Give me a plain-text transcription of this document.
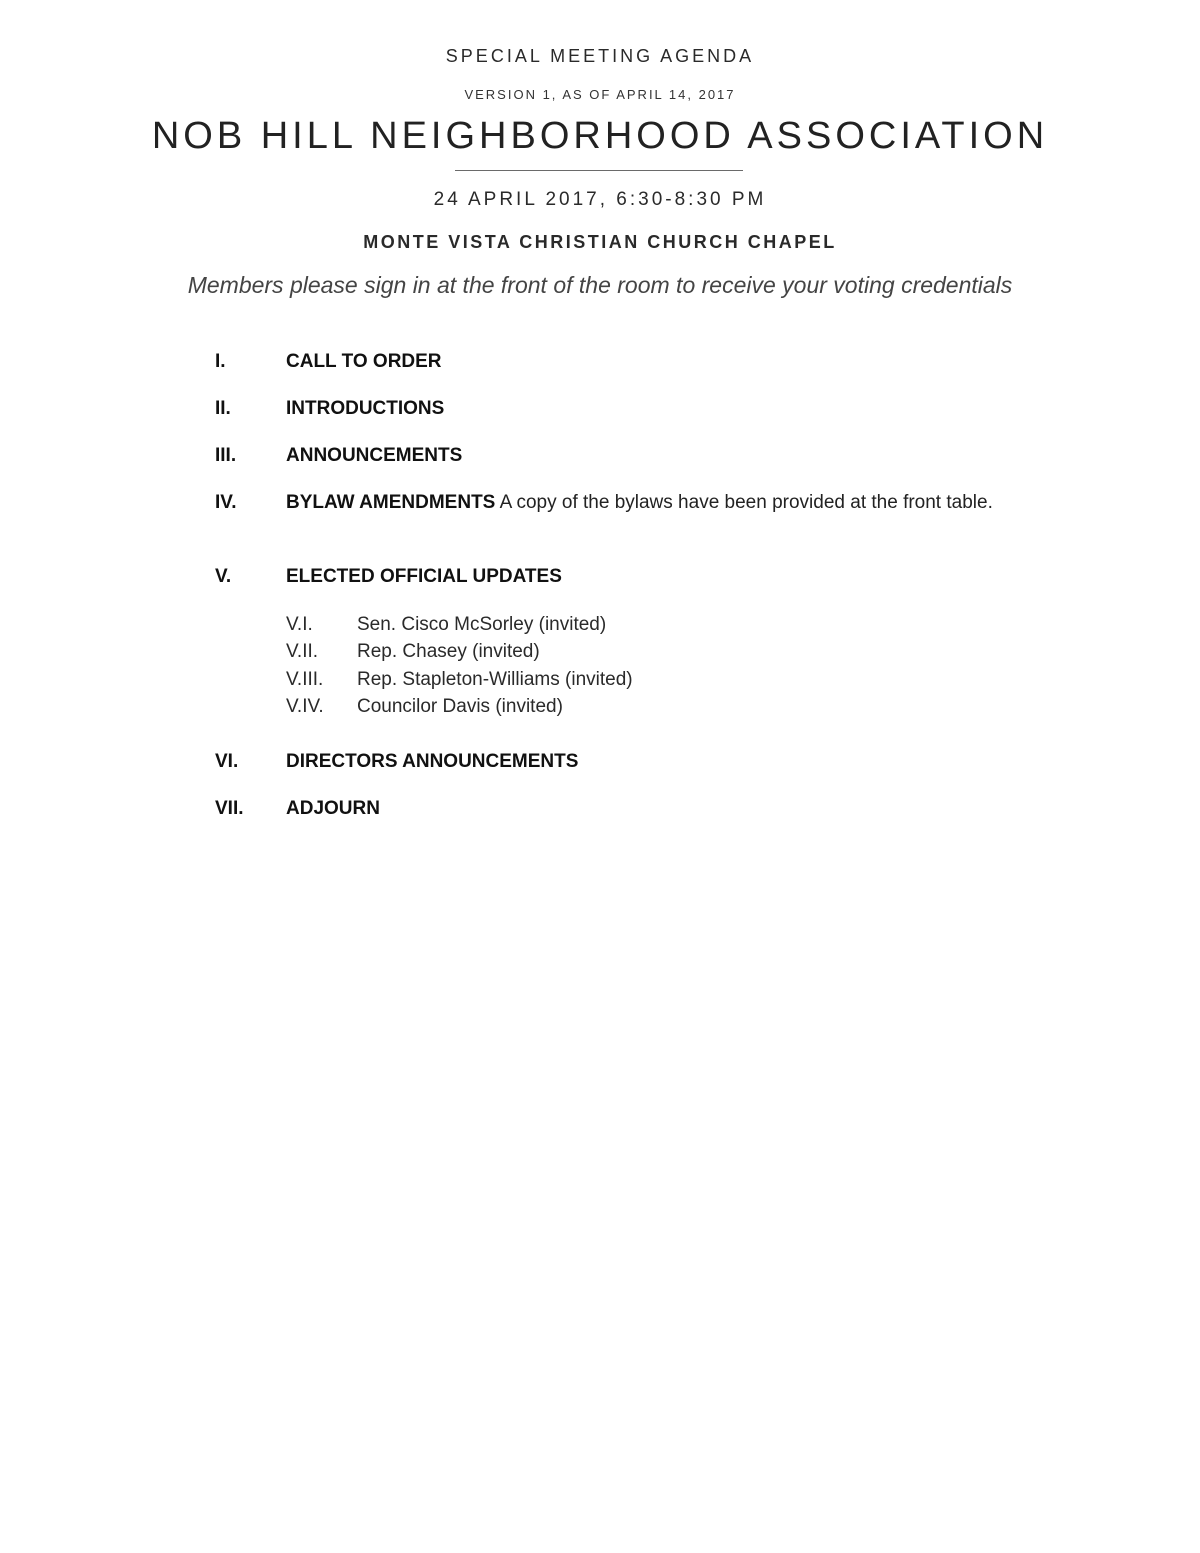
SPECIAL MEETING AGENDA
VERSION 1, AS OF APRIL 14, 2017
NOB HILL NEIGHBORHOOD ASSOCIATION
24 APRIL 2017, 6:30-8:30 PM
MONTE VISTA CHRISTIAN CHURCH CHAPEL
Members please sign in at the front of the room to receive your voting credentials
I.	CALL TO ORDER
II.	INTRODUCTIONS
III.	ANNOUNCEMENTS
IV.	BYLAW AMENDMENTS A copy of the bylaws have been provided at the front table.
V.	ELECTED OFFICIAL UPDATES
V.I. Sen. Cisco McSorley (invited)
V.II. Rep. Chasey (invited)
V.III. Rep. Stapleton-Williams (invited)
V.IV. Councilor Davis (invited)
VI.	DIRECTORS ANNOUNCEMENTS
VII. ADJOURN
